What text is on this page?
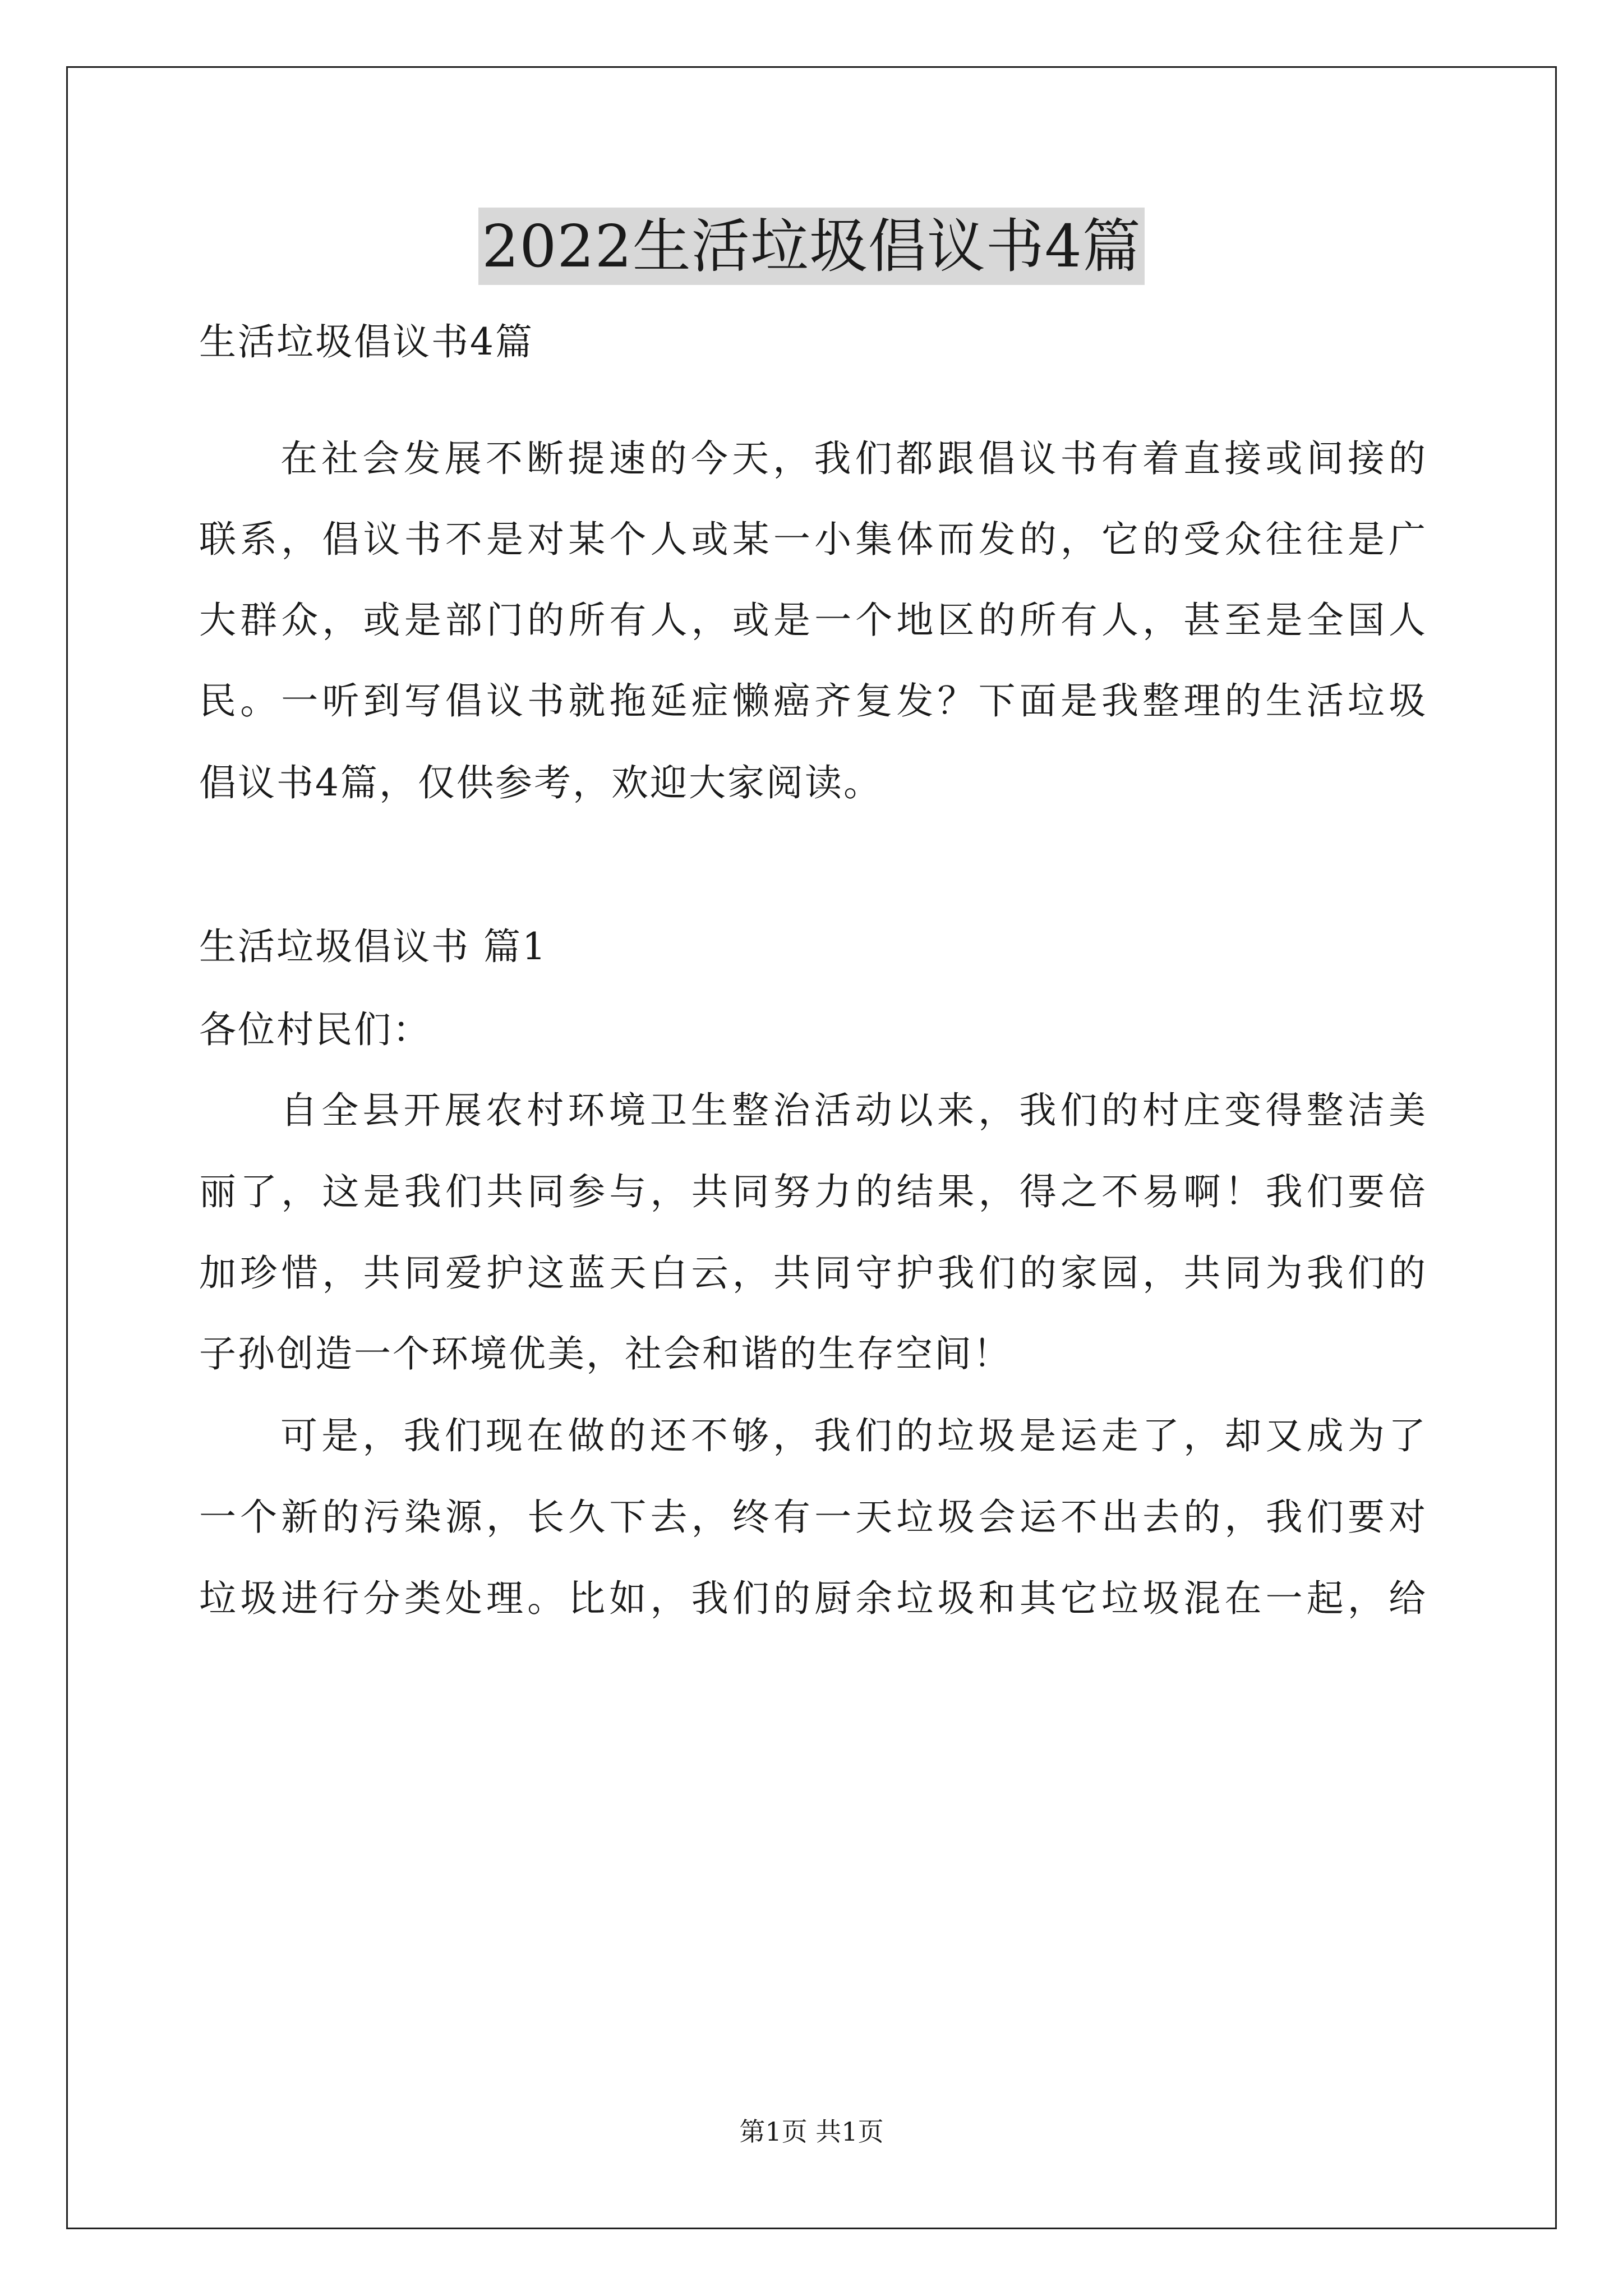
2022生活垃圾倡议书4篇
生活垃圾倡议书4篇
在社会发展不断提速的今天，我们都跟倡议书有着直接或间接的
联系，倡议书不是对某个人或某一小集体而发的，它的受众往往是广
大群众，或是部门的所有人，或是一个地区的所有人，甚至是全国人
民。一听到写倡议书就拖延症懒癌齐复发？下面是我整理的生活垃圾
倡议书4篇，仅供参考，欢迎大家阅读。
生活垃圾倡议书 篇1
各位村民们：
自全县开展农村环境卫生整治活动以来，我们的村庄变得整洁美
丽了，这是我们共同参与，共同努力的结果，得之不易啊！我们要倍
加珍惜，共同爱护这蓝天白云，共同守护我们的家园，共同为我们的
子孙创造一个环境优美，社会和谐的生存空间！
可是，我们现在做的还不够，我们的垃圾是运走了，却又成为了
一个新的污染源，长久下去，终有一天垃圾会运不出去的，我们要对
垃圾进行分类处理。比如，我们的厨余垃圾和其它垃圾混在一起，给
第1页 共1页
